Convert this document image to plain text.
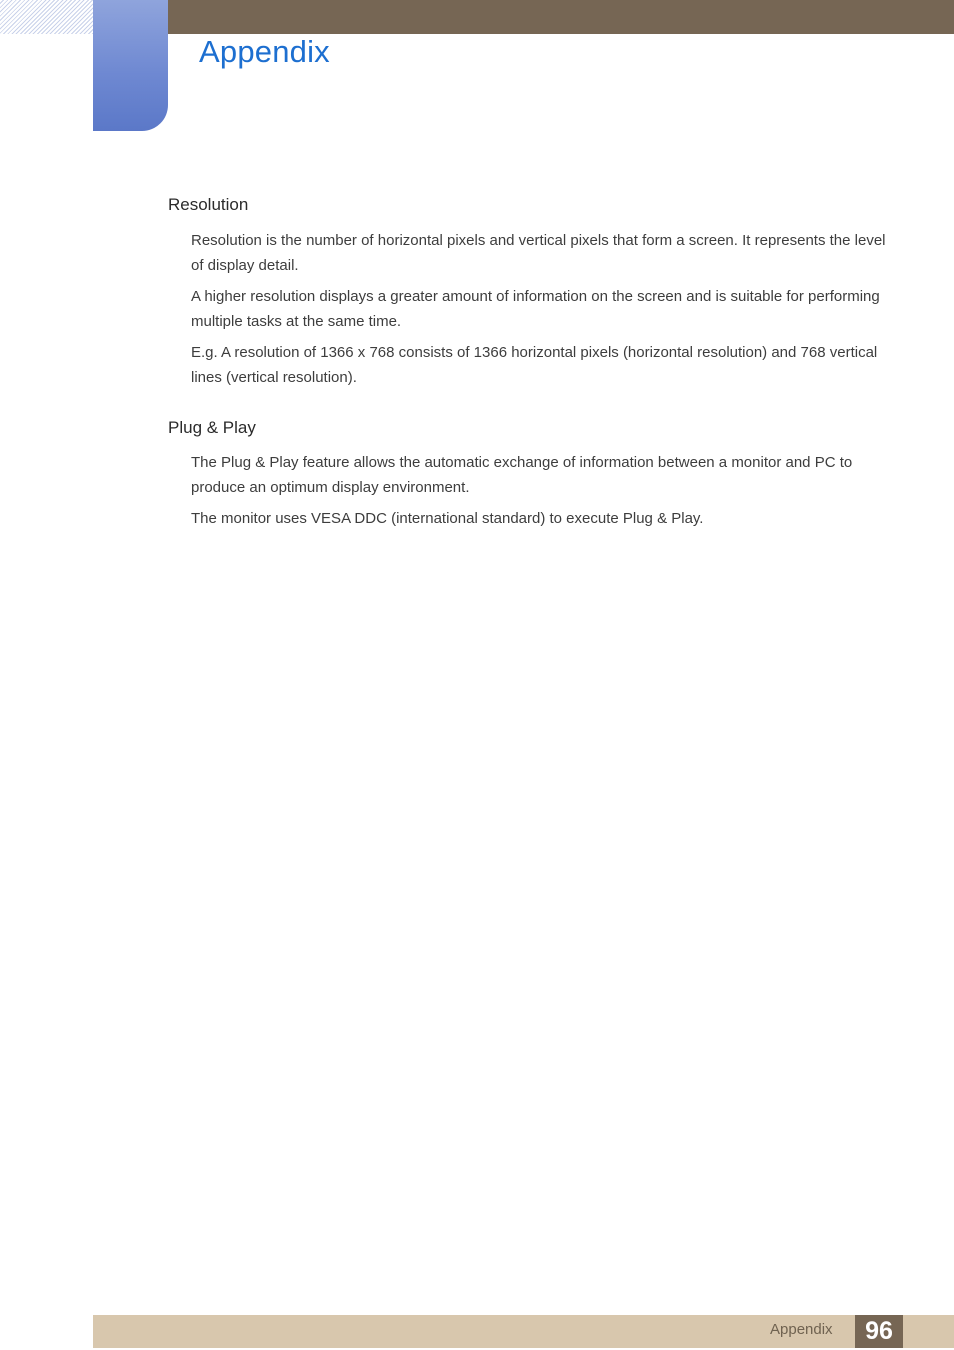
Appendix
Resolution

Resolution is the number of horizontal pixels and vertical pixels that form a screen. It represents the level of display detail.

A higher resolution displays a greater amount of information on the screen and is suitable for performing multiple tasks at the same time.

E.g. A resolution of 1366 x 768 consists of 1366 horizontal pixels (horizontal resolution) and 768 vertical lines (vertical resolution).

Plug & Play

The Plug & Play feature allows the automatic exchange of information between a monitor and PC to produce an optimum display environment.

The monitor uses VESA DDC (international standard) to execute Plug & Play.

Appendix	96
